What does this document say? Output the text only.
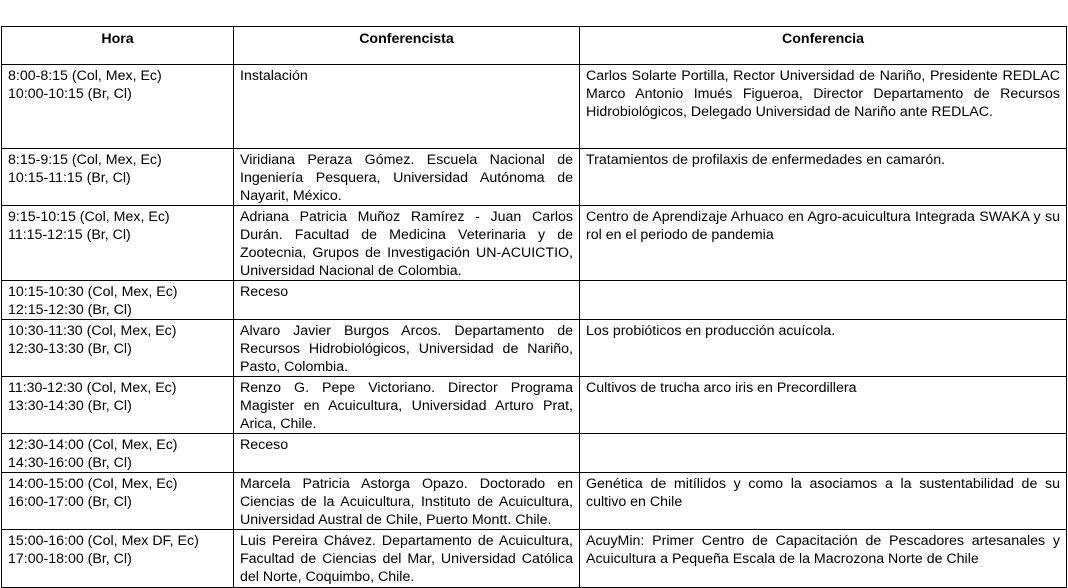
Hora	Conferencista	Conferencia

8:00-8:15 (Col, Mex, Ec)
10:00-10:15 (Br, Cl)	Instalación	Carlos Solarte Portilla, Rector Universidad de Nariño, Presidente REDLAC Marco Antonio Imués Figueroa, Director Departamento de Recursos Hidrobiológicos, Delegado Universidad de Nariño ante REDLAC.

8:15-9:15 (Col, Mex, Ec)
10:15-11:15 (Br, Cl)	Viridiana Peraza Gómez. Escuela Nacional de Ingeniería Pesquera, Universidad Autónoma de Nayarit, México.	Tratamientos de profilaxis de enfermedades en camarón.

9:15-10:15 (Col, Mex, Ec)
11:15-12:15 (Br, Cl)	Adriana Patricia Muñoz Ramírez - Juan Carlos Durán. Facultad de Medicina Veterinaria y de Zootecnia, Grupos de Investigación UN-ACUICTIO, Universidad Nacional de Colombia.	Centro de Aprendizaje Arhuaco en Agro-acuicultura Integrada SWAKA y su rol en el periodo de pandemia

10:15-10:30 (Col, Mex, Ec)
12:15-12:30 (Br, Cl)	Receso	

10:30-11:30 (Col, Mex, Ec)
12:30-13:30 (Br, Cl)	Alvaro Javier Burgos Arcos. Departamento de Recursos Hidrobiológicos, Universidad de Nariño, Pasto, Colombia.	Los probióticos en producción acuícola.

11:30-12:30 (Col, Mex, Ec)
13:30-14:30 (Br, Cl)	Renzo G. Pepe Victoriano. Director Programa Magister en Acuicultura, Universidad Arturo Prat, Arica, Chile.	Cultivos de trucha arco iris en Precordillera

12:30-14:00 (Col, Mex, Ec)
14:30-16:00 (Br, Cl)	Receso	

14:00-15:00 (Col, Mex, Ec)
16:00-17:00 (Br, Cl)	Marcela Patricia Astorga Opazo. Doctorado en Ciencias de la Acuicultura, Instituto de Acuicultura, Universidad Austral de Chile, Puerto Montt. Chile.	Genética de mitílidos y como la asociamos a la sustentabilidad de su cultivo en Chile

15:00-16:00 (Col, Mex DF, Ec)
17:00-18:00 (Br, Cl)	Luis Pereira Chávez. Departamento de Acuicultura, Facultad de Ciencias del Mar, Universidad Católica del Norte, Coquimbo, Chile.	AcuyMin: Primer Centro de Capacitación de Pescadores artesanales y Acuicultura a Pequeña Escala de la Macrozona Norte de Chile
